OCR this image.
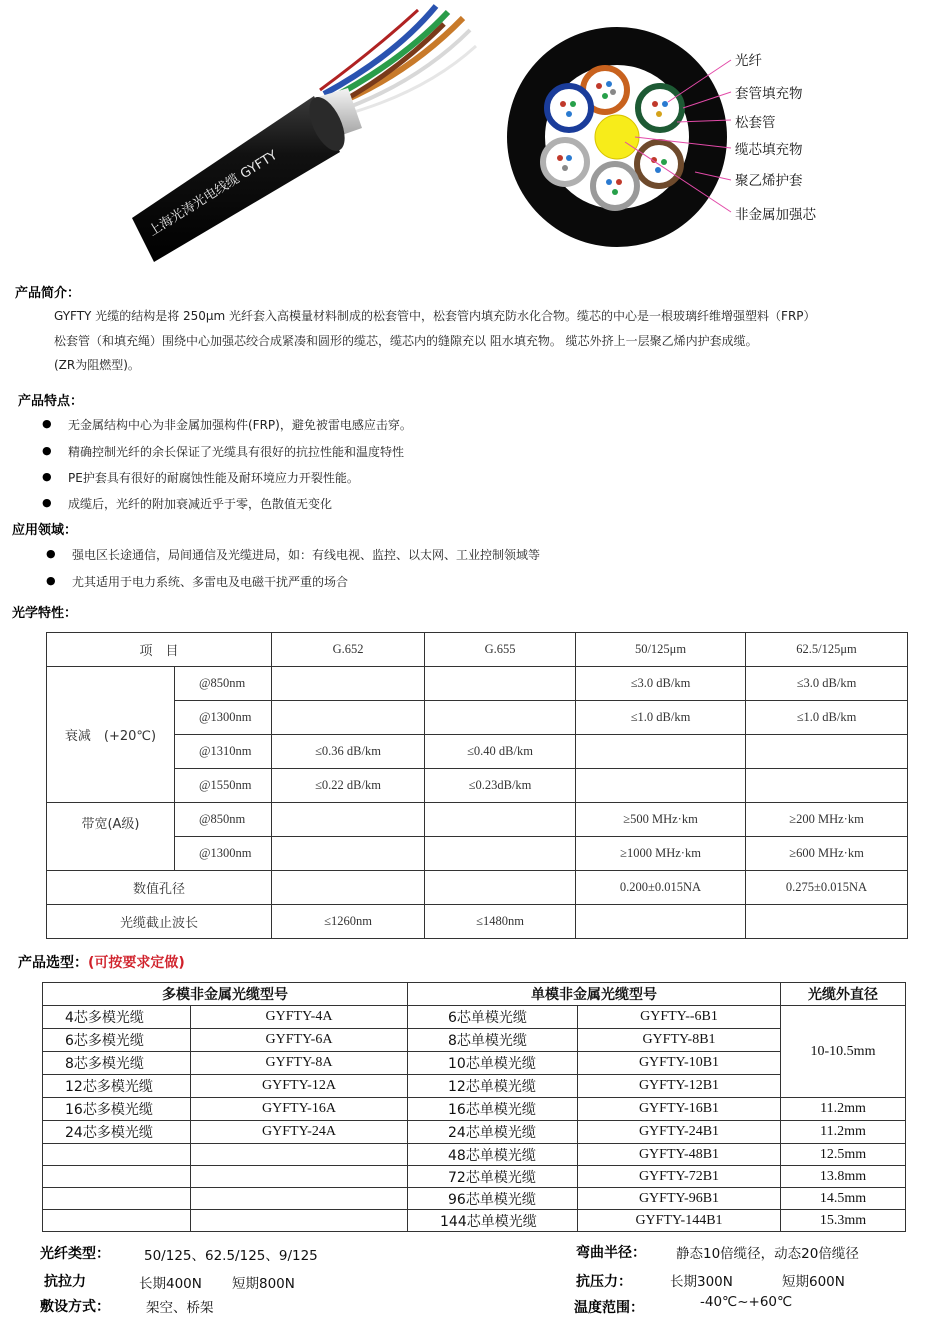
上海光涛光电线缆 GYFTY
光纤
套管填充物
松套管
缆芯填充物
聚乙烯护套
非金属加强芯
产品简介：
GYFTY 光缆的结构是将 250μm 光纤套入高模量材料制成的松套管中，松套管内填充防水化合物。缆芯的中心是一根玻璃纤维增强塑料（FRP）
松套管（和填充绳）围绕中心加强芯绞合成紧凑和圆形的缆芯，缆芯内的缝隙充以 阻水填充物。 缆芯外挤上一层聚乙烯内护套成缆。
(ZR为阻燃型)。
产品特点：
● 无金属结构中心为非金属加强构件(FRP)，避免被雷电感应击穿。
● 精确控制光纤的余长保证了光缆具有很好的抗拉性能和温度特性
● PE护套具有很好的耐腐蚀性能及耐环境应力开裂性能。
● 成缆后，光纤的附加衰减近乎于零，色散值无变化
应用领域：
● 强电区长途通信，局间通信及光缆进局，如：有线电视、监控、以太网、工业控制领域等
● 尤其适用于电力系统、多雷电及电磁干扰严重的场合
光学特性：
项　目		G.652	G.655	50/125μm	62.5/125μm
衰减　(+20℃)	@850nm			≤3.0 dB/km	≤3.0 dB/km
	@1300nm			≤1.0 dB/km	≤1.0 dB/km
	@1310nm	≤0.36 dB/km	≤0.40 dB/km		
	@1550nm	≤0.22 dB/km	≤0.23dB/km		
带宽(A级)	@850nm			≥500 MHz·km	≥200 MHz·km
	@1300nm			≥1000 MHz·km	≥600 MHz·km
数值孔径				0.200±0.015NA	0.275±0.015NA
光缆截止波长		≤1260nm	≤1480nm		
产品选型：(可按要求定做)
多模非金属光缆型号		单模非金属光缆型号		光缆外直径
4芯多模光缆	GYFTY-4A	6芯单模光缆	GYFTY--6B1	10-10.5mm
6芯多模光缆	GYFTY-6A	8芯单模光缆	GYFTY-8B1	
8芯多模光缆	GYFTY-8A	10芯单模光缆	GYFTY-10B1	
12芯多模光缆	GYFTY-12A	12芯单模光缆	GYFTY-12B1	
16芯多模光缆	GYFTY-16A	16芯单模光缆	GYFTY-16B1	11.2mm
24芯多模光缆	GYFTY-24A	24芯单模光缆	GYFTY-24B1	11.2mm
		48芯单模光缆	GYFTY-48B1	12.5mm
		72芯单模光缆	GYFTY-72B1	13.8mm
		96芯单模光缆	GYFTY-96B1	14.5mm
		144芯单模光缆	GYFTY-144B1	15.3mm
光纤类型：	50/125、62.5/125、9/125
抗拉力	长期400N 短期800N
敷设方式：	架空、桥架
弯曲半径： 静态10倍缆径，动态20倍缆径
抗压力：	长期300N	短期600N
温度范围：	-40℃~+60℃
